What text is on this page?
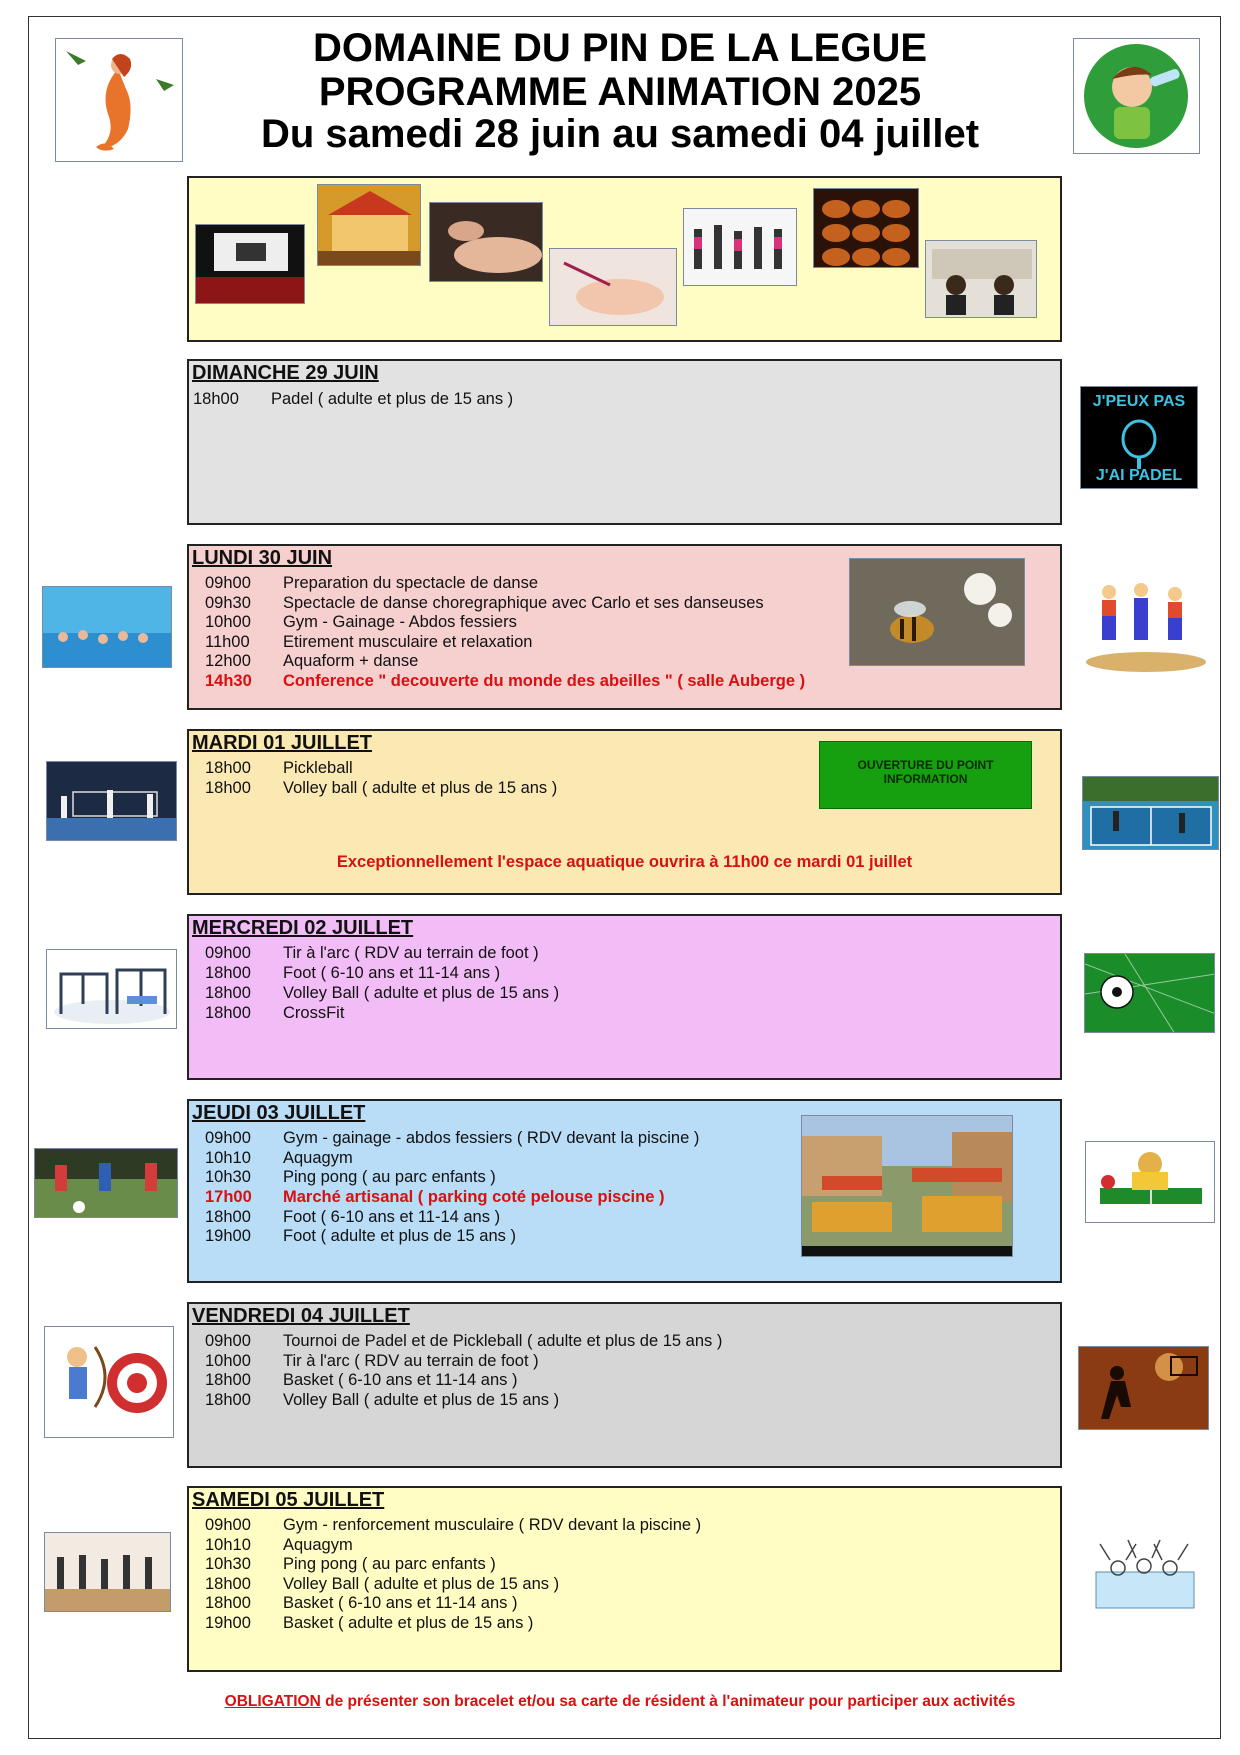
DOMAINE DU PIN DE LA LEGUE
PROGRAMME ANIMATION 2025
Du samedi 28 juin au samedi 04 juillet
J'PEUX PAS
J'AI PADEL
DIMANCHE 29 JUIN
18h00 Padel ( adulte et plus de 15 ans )
LUNDI 30 JUIN
09h00 Preparation du spectacle de danse
09h30 Spectacle de danse choregraphique avec Carlo et ses danseuses
10h00 Gym - Gainage - Abdos fessiers
11h00 Etirement musculaire et relaxation
12h00 Aquaform + danse
14h30 Conference " decouverte du monde des abeilles " ( salle Auberge )
MARDI 01 JUILLET
18h00 Pickleball
18h00 Volley ball ( adulte et plus de 15 ans )
OUVERTURE DU POINT INFORMATION
Exceptionnellement l'espace aquatique ouvrira à 11h00 ce mardi 01 juillet
MERCREDI 02 JUILLET
09h00 Tir à l'arc ( RDV au terrain de foot )
18h00 Foot ( 6-10 ans et 11-14 ans )
18h00 Volley Ball ( adulte et plus de 15 ans )
18h00 CrossFit
JEUDI 03 JUILLET
09h00 Gym - gainage - abdos fessiers ( RDV devant la piscine )
10h10 Aquagym
10h30 Ping pong ( au parc enfants )
17h00 Marché artisanal ( parking coté pelouse piscine )
18h00 Foot ( 6-10 ans et 11-14 ans )
19h00 Foot ( adulte et plus de 15 ans )
VENDREDI 04 JUILLET
09h00 Tournoi de Padel et de Pickleball ( adulte et plus de 15 ans )
10h00 Tir à l'arc ( RDV au terrain de foot )
18h00 Basket ( 6-10 ans et 11-14 ans )
18h00 Volley Ball ( adulte et plus de 15 ans )
SAMEDI 05 JUILLET
09h00 Gym - renforcement musculaire ( RDV devant la piscine )
10h10 Aquagym
10h30 Ping pong ( au parc enfants )
18h00 Volley Ball ( adulte et plus de 15 ans )
18h00 Basket ( 6-10 ans et 11-14 ans )
19h00 Basket ( adulte et plus de 15 ans )
OBLIGATION de présenter son bracelet et/ou sa carte de résident à l'animateur pour participer aux activités
